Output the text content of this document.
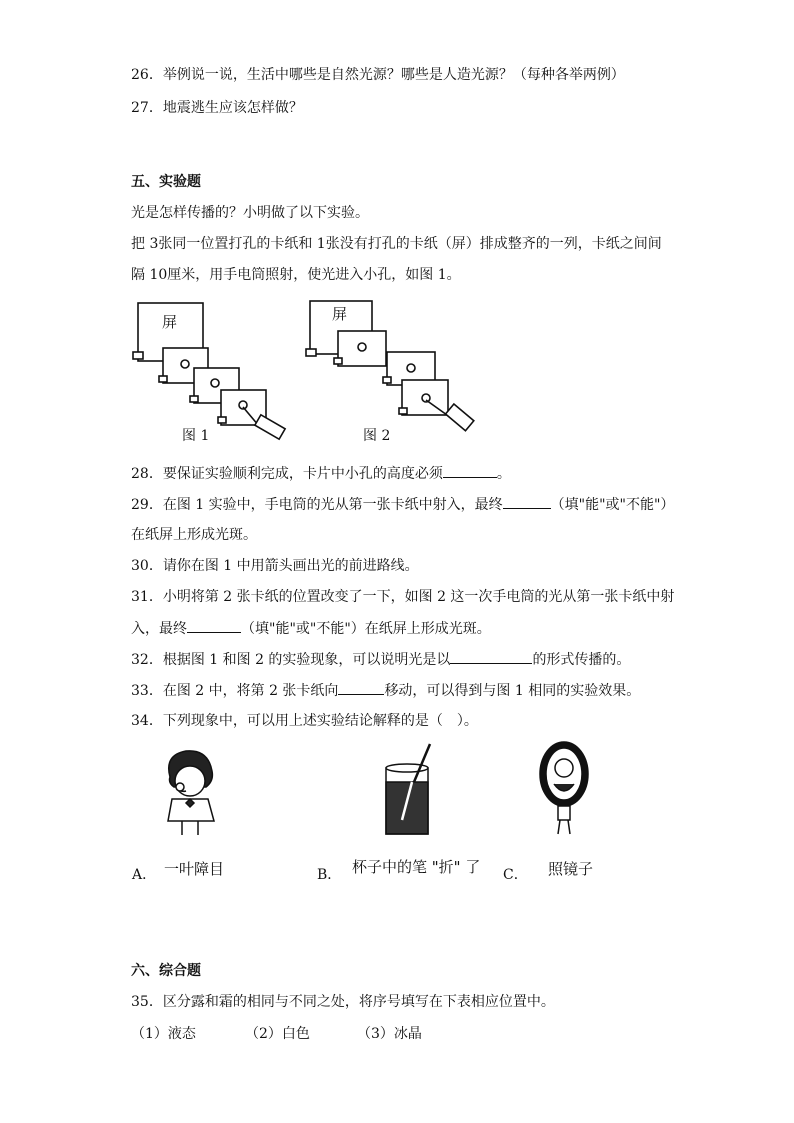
26．举例说一说，生活中哪些是自然光源？哪些是人造光源？（每种各举两例）
27．地震逃生应该怎样做？
五、实验题
光是怎样传播的？小明做了以下实验。
把 3张同一位置打孔的卡纸和 1张没有打孔的卡纸（屏）排成整齐的一列，卡纸之间间
隔 10厘米，用手电筒照射，使光进入小孔，如图 1。
屏
图 1
屏
图 2
28．要保证实验顺利完成，卡片中小孔的高度必须	。
29．在图 1 实验中，手电筒的光从第一张卡纸中射入，最终	（填"能"或"不能"）
在纸屏上形成光斑。
30．请你在图 1 中用箭头画出光的前进路线。
31．小明将第 2 张卡纸的位置改变了一下，如图 2 这一次手电筒的光从第一张卡纸中射
入，最终	（填"能"或"不能"）在纸屏上形成光斑。
32．根据图 1 和图 2 的实验现象，可以说明光是以	的形式传播的。
33．在图 2 中，将第 2 张卡纸向	移动，可以得到与图 1 相同的实验效果。
34．下列现象中，可以用上述实验结论解释的是（　）。
A． 一叶障目	B． 杯子中的笔 "折" 了 C． 照镜子
六、综合题
35．区分露和霜的相同与不同之处，将序号填写在下表相应位置中。
（1）液态	（2）白色	（3）冰晶
